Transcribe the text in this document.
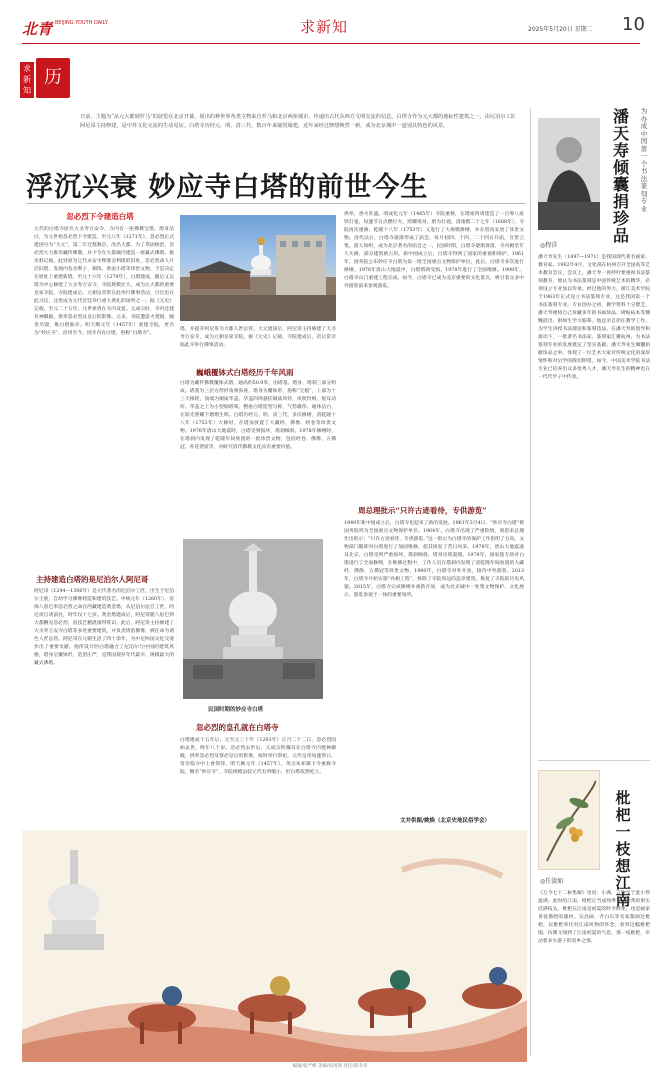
北青 BEIJING YOUTH DAILY	求新知	2025年5月20日 星期二 10
求新知
历史	日前，主题为“从元大都到罗马”的展览在北京开幕，展出的种世界各类文物来自罗马和北京两座城市，传递出古代东西方文明交流的信息。白塔寺作为元大都的地标性建筑之一，由尼泊尔工匠阿尼哥主持修建，是中外文化交流的生动见证。白塔寺历经元、明、清三代，数百年来屡毁屡建，近年来经过修缮焕然一新，成为北京城中一道别具特色的风景。
浮沉兴衰 妙应寺白塔的前世今生
忽必烈下令建造白塔
元代的白塔寺原名大圣寿万安寺，寺内有一座佛教宝塔，塔身洁白，为元世祖忽必烈下令建造。至元八年（1271年），忽必烈正式建国号为“大元”，第二年迁都燕京，改名大都。为了巩固统治，忽必烈大力推崇藏传佛教，并下令在大都城内建造一座藏式佛塔。据史料记载，此处原为辽代永安寺释迦舍利塔的旧址，忽必烈命人开启旧塔，发现内有舍利子、铜钱、香泥小塔等珍贵文物，于是决定在原址上重建新塔。至元十六年（1279年），白塔建成，随后又以塔为中心修建了大圣寿万安寺，寺院规模宏大，成为元大都的重要皇家寺院。寺院建成后，元朝皇帝常在此举行佛事活动，百官也在此习仪，这里成为元代宫廷举行重大典礼的场所之一。据《元史》记载，至元二十五年，元世祖曾在寺内设宴。元成宗时，寺内还建有神御殿，供奉忽必烈及皇后的影像。元末，寺院遭雷火焚毁，殿堂尽毁，唯白塔独存。明天顺元年（1457年）重建寺院，更名为“妙应寺”，沿用至今。因寺内有白塔，俗称“白塔寺”。
主持建造白塔的是尼泊尔人阿尼哥
阿尼哥（1244—1306年）是元代著名的尼泊尔工匠，出生于尼泊尔王族，自幼学习佛像铸造和建筑技艺。中统元年（1260年），帝师八思巴奉忽必烈之命在西藏建造黄金塔，从尼泊尔征召工匠，阿尼哥自请前往，时年仅十七岁。黄金塔建成后，阿尼哥随八思巴到大都觐见忽必烈，因技艺精湛深得赏识。此后，阿尼哥主持修建了大圣寿万安寺白塔等多处重要建筑，并负责铸造佛像，被任命为诸色人匠总管。阿尼哥在元朝生活了四十余年，为中尼两国文化交流作出了重要贡献。他所设计的白塔融合了尼泊尔与中国的建筑风格，塔身呈覆钵形，造型庄严，是我国现存年代最早、规模最大的藏式佛塔。
塔，并提升阿尼哥为大都人匠总管。大元建国后，阿尼哥主持修建了大圣寿万安寺，成为元朝皇家寺院。据《元史》记载，寺院建成后，帝后常亲临此寺举行佛事活动。
巍峨覆钵式白塔经历千年风雨
白塔为藏传佛教覆钵式塔，通高约50.9米，由塔基、塔身、塔刹三部分组成。塔基为三层方形折角须弥座，塔身为覆钵形，俗称“宝瓶”，上部为十三天相轮，顶端为铜质华盖，华盖四周悬挂铜质风铃，风吹铃响，悦耳动听。华盖之上为小型铜塔刹。整座白塔造型匀称，气势雄伟，通体洁白，在阳光照耀下熠熠生辉。白塔历经元、明、清三代，多次修缮，清乾隆十八年（1753年）大修时，在塔顶放置了大藏经、佛像、经卷等珍贵文物。1976年唐山大地震时，白塔受到损坏，塔刹倾斜。1978年修缮时，在塔刹内发现了乾隆年间放置的一批珍贵文物，包括经卷、佛像、五佛冠、补花袈裟等，对研究清代佛教文化具有重要价值。
民国时期的妙应寺白塔
忽必烈的皇孔就在白塔寺
白塔建成十五年后，元至元三十年（1293年）正月二十二日，忽必烈因病去世，终年八十岁。忽必烈去世后，元成宗铁穆耳在白塔寺内建神御殿，供奉忽必烈及察必皇后的影像，按时举行祭祀。元代皇帝每逢祭日，常亲临寺中上香祭拜。明天顺元年（1457年），英宗朱祁镇下令重修寺院，赐名“妙应寺”，寺院规模虽较元代有所缩小，但白塔依然屹立。
供奉，香火旺盛。明成化元年（1465年）寺院重修，在塔座四周建造了一百零八座铁灯龛，每逢节日点燃灯火，照耀塔身，蔚为壮观。清康熙二十七年（1688年），寺院再次重修，乾隆十八年（1753年）又进行了大规模修缮，并在塔顶安放了珍贵文物。清代以后，白塔寺逐渐形成了庙会，每月初四、十四、二十四日开庙，百货云集，游人如织，成为北京著名的庙会之一。民国时期，白塔寺逐渐衰落，寺内殿堂年久失修，部分建筑被占用。新中国成立后，白塔寺得到了国家的重视和保护。1961年，国务院公布妙应寺白塔为第一批全国重点文物保护单位。此后，白塔寺多次进行修缮。1976年唐山大地震中，白塔塔刹受损，1978年进行了全面维修。1998年，白塔寺山门重建工程完成。如今，白塔寺已成为北京重要的文化景点，吸引着众多中外游客前来参观游览。
周总理批示“只许古迹看待，专供游览”
1949年新中国成立后，白塔寺也迎来了新的发展。1961年3月4日，“妙应寺白塔”被国务院列为全国重点文物保护单位。1964年，白塔寺出现了严重险情，周恩来总理作出批示：“只许古迹看待，专供游览。”这一批示为白塔寺的保护工作指明了方向。文物部门随即对白塔进行了加固维修，使其恢复了昔日风采。1976年，唐山大地震波及北京，白塔受到严重损坏，塔刹倾斜，塔身出现裂缝。1978年，国家拨专款对白塔进行了全面修缮，在维修过程中，工作人员在塔刹内发现了清乾隆年间放置的大藏经、佛像、五佛冠等珍贵文物。1980年，白塔寺对外开放，接待中外游客。2013年，白塔寺开始实施“亮相工程”，拆除了寺院周边的违章建筑，恢复了寺院的历史风貌。2015年，白塔寺完成修缮并重新开放，成为北京城中一处集文物保护、文化展示、游览参观于一体的重要场所。
文并供图/姚焕（北京史地民俗学会）
潘天寿倾囊捐珍品
为办成中国第一个书法篆刻专业
◎程洋
潘天寿先生（1897—1971）是我国现代著名画家、教育家。1962年4月，文化部在杭州召开全国高等艺术教育会议，会议上，潘天寿一再呼吁要重视书法篆刻教育，他认为书法篆刻是中国传统艺术的精华，必须设立专业加以传承。经过他的努力，浙江美术学院于1963年正式设立书法篆刻专业，这是我国第一个书法篆刻专业。专业创办之初，教学资料十分匮乏，潘天寿便将自己珍藏多年的书画珍品、碑帖拓本等慷慨捐出，供师生学习临摹。他还亲自担任教学工作，为学生讲授书法理论和篆刻技法。在潘天寿的倡导和推动下，一批著名书法家、篆刻家汇聚杭州，为书法篆刻专业的发展奠定了坚实基础。潘天寿先生倾囊捐献珍品之举，体现了一位艺术大家对传统文化的深厚情怀和对后学的殷切期望。如今，中国美术学院书法专业已培养出众多优秀人才，潘天寿先生的精神也在一代代学子中传承。
枇杷一枝想江南
◎任淡如
《万今七十二候集解》里说：小满，言物至于此小得盈满。此时的江南，枇杷正当成熟季节，金黄的果实挂满枝头。枇杷在江南是初夏的时令鲜果，也是画家喜爱描绘的题材。吴昌硕、齐白石等名家都画过枇杷，以枇杷寄托对江南风物的怀念。看到这幅枇杷图，仿佛又闻到了江南初夏的气息，那一枝枇杷，牵动着多少游子的思乡之情。
编辑/张严峰 美编/宿国领 责任/陈冬青
